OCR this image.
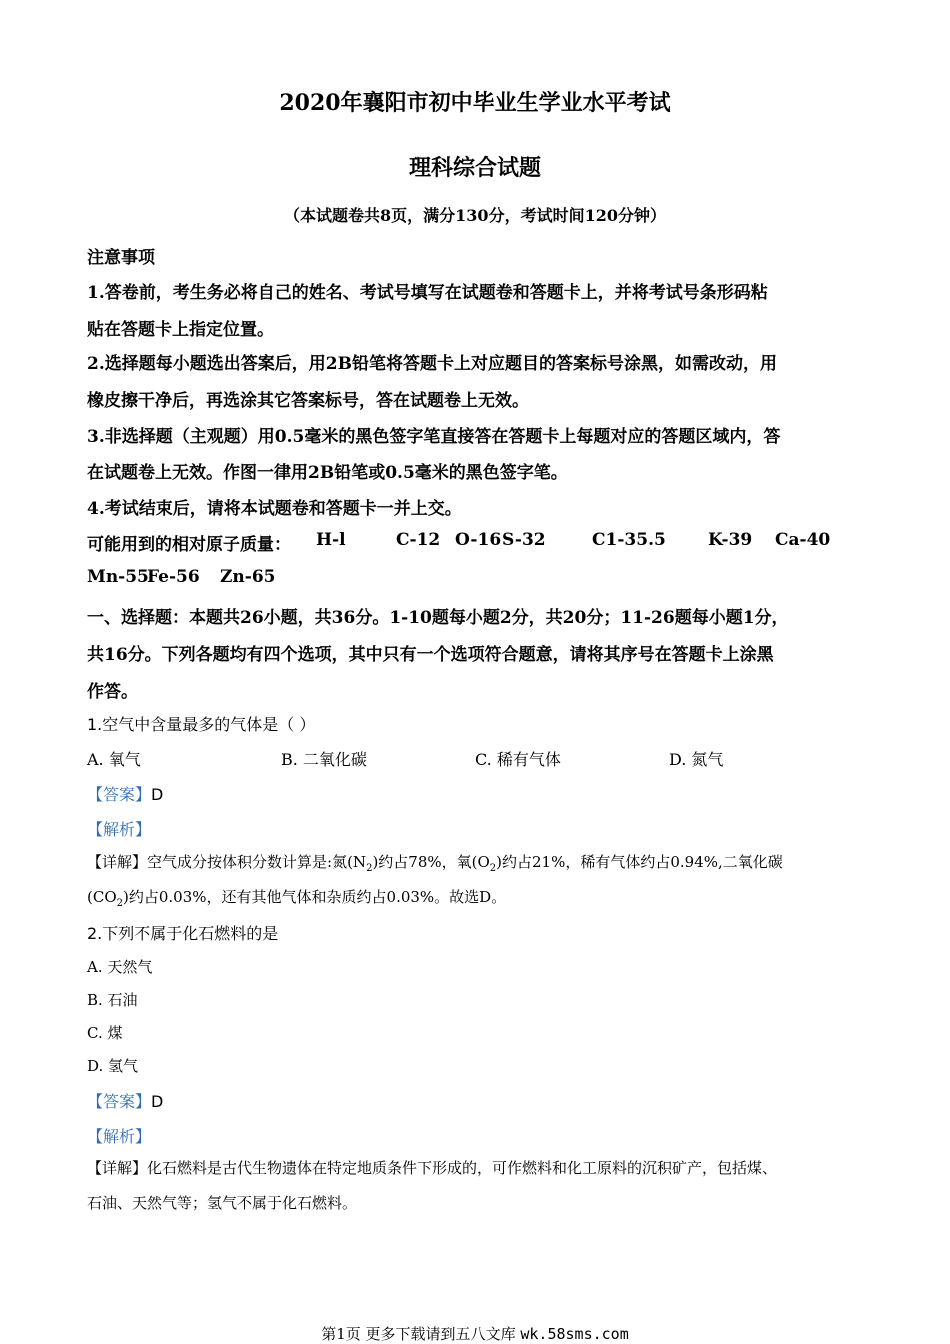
2020年襄阳市初中毕业生学业水平考试
理科综合试题
（本试题卷共8页，满分130分，考试时间120分钟）
注意事项
1.答卷前，考生务必将自己的姓名、考试号填写在试题卷和答题卡上，并将考试号条形码粘
贴在答题卡上指定位置。
2.选择题每小题选出答案后，用2B铅笔将答题卡上对应题目的答案标号涂黑，如需改动，用
橡皮擦干净后，再选涂其它答案标号，答在试题卷上无效。
3.非选择题（主观题）用0.5毫米的黑色签字笔直接答在答题卡上每题对应的答题区域内，答
在试题卷上无效。作图一律用2B铅笔或0.5毫米的黑色签字笔。
4.考试结束后，请将本试题卷和答题卡一并上交。
可能用到的相对原子质量： H-l	C-12 O-16 S-32	C1-35.5 K-39 Ca-40
Mn-55
Fe-56 Zn-65
一、选择题：本题共26小题，共36分。1-10题每小题2分，共20分；11-26题每小题1分，
共16分。下列各题均有四个选项，其中只有一个选项符合题意，请将其序号在答题卡上涂黑
作答。
1.空气中含量最多的气体是（ ）
A. 氧气	B. 二氧化碳	C. 稀有气体	D. 氮气
【答案】D
【解析】
【详解】空气成分按体积分数计算是:氮$(N_2)$约占78%，氧$(O_2)$约占21%，稀有气体约占0.94%,二氧化碳
$(CO_2)$约占0.03%，还有其他气体和杂质约占0.03%。故选D。
2.下列不属于化石燃料的是
A. 天然气
B. 石油
C. 煤
D. 氢气
【答案】D
【解析】
【详解】化石燃料是古代生物遗体在特定地质条件下形成的，可作燃料和化工原料的沉积矿产，包括煤、
石油、天然气等；氢气不属于化石燃料。
第1页 更多下载请到五八文库 wk.58sms.com
